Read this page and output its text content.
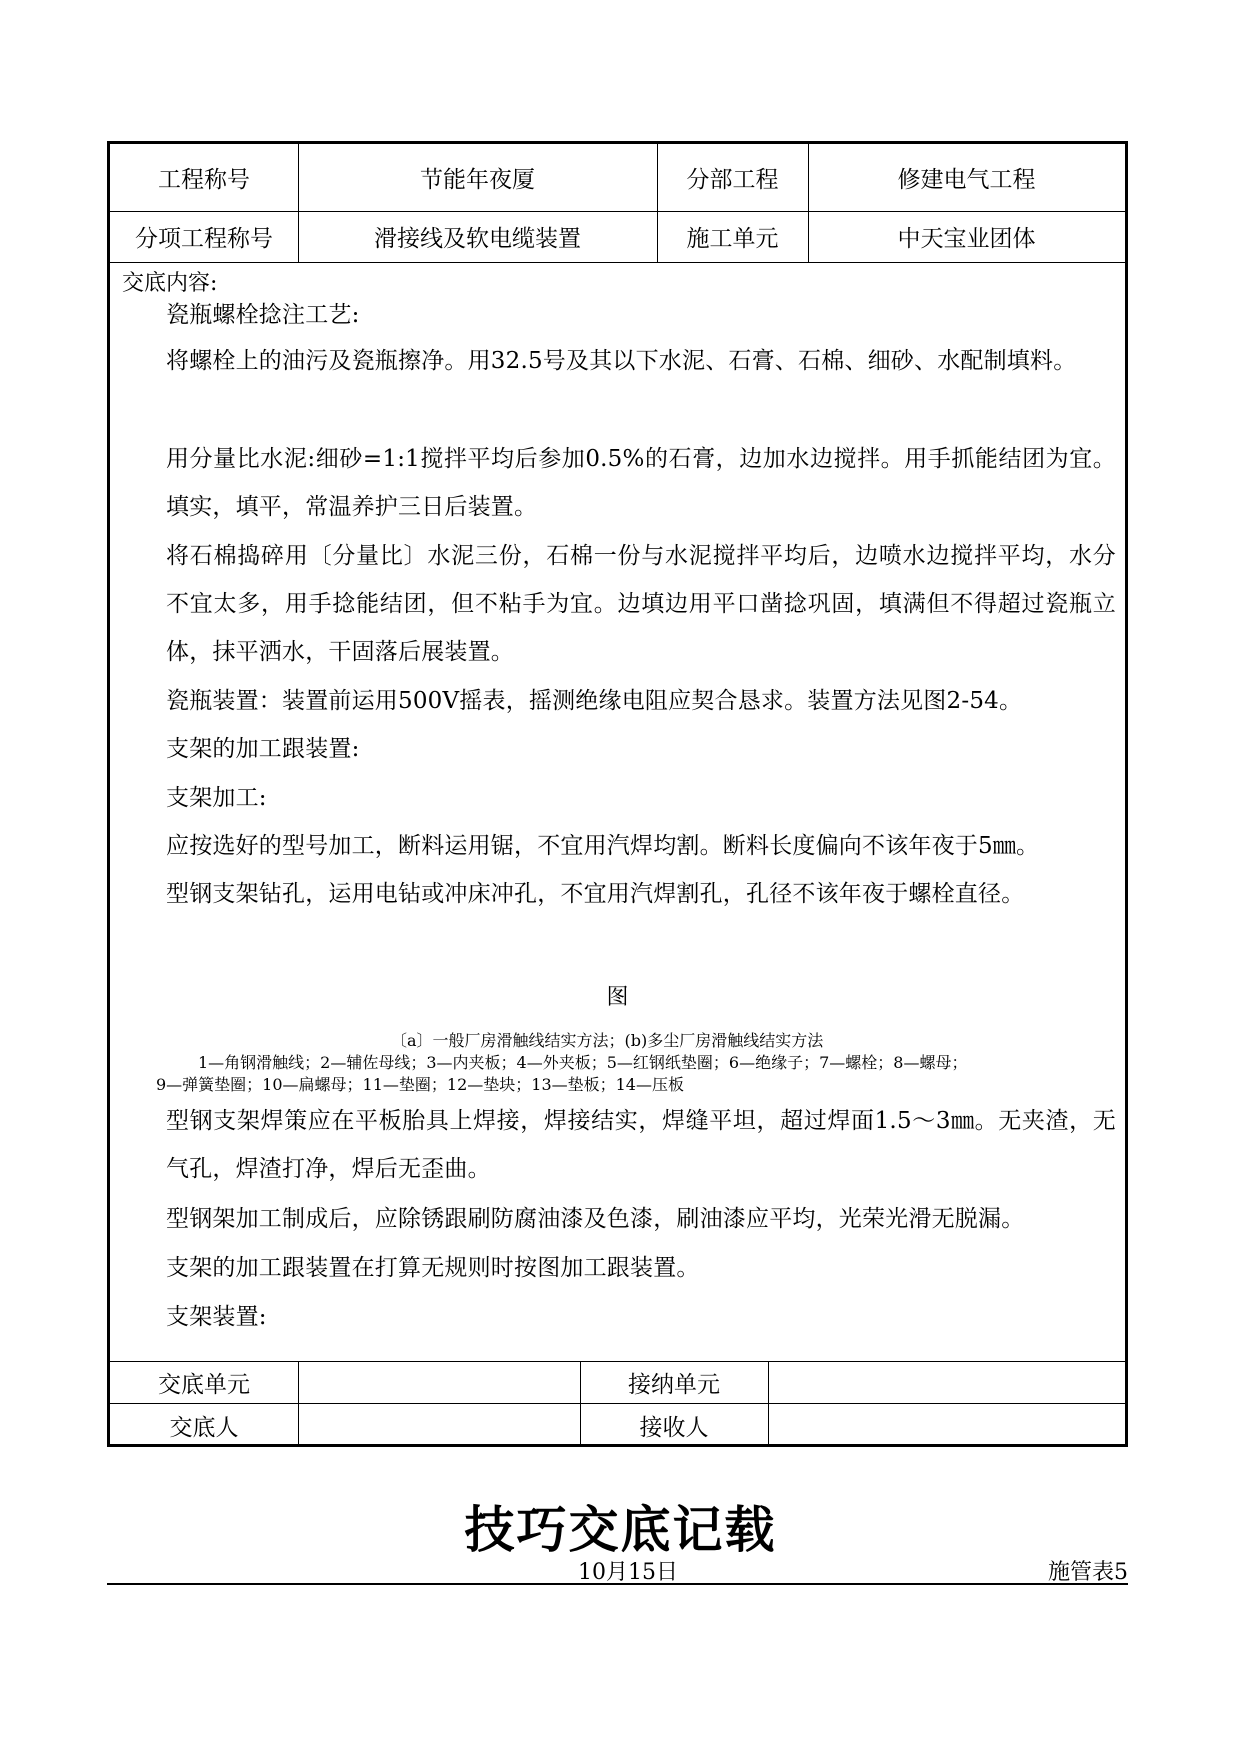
工程称号	节能年夜厦	分部工程	修建电气工程
分项工程称号	滑接线及软电缆装置	施工单元	中天宝业团体
交底内容:

瓷瓶螺栓捻注工艺:

将螺栓上的油污及瓷瓶擦净。用32.5号及其以下水泥、石膏、石棉、细砂、水配制填料。

用分量比水泥:细砂=1:1搅拌平均后参加0.5%的石膏，边加水边搅拌。用手抓能结团为宜。填实，填平，常温养护三日后装置。

将石棉捣碎用〔分量比〕水泥三份，石棉一份与水泥搅拌平均后，边喷水边搅拌平均，水分不宜太多，用手捻能结团，但不粘手为宜。边填边用平口凿捻巩固，填满但不得超过瓷瓶立体，抹平洒水，干固落后展装置。

瓷瓶装置：装置前运用500V摇表，摇测绝缘电阻应契合恳求。装置方法见图2-54。

支架的加工跟装置:

支架加工:

应按选好的型号加工，断料运用锯，不宜用汽焊均割。断料长度偏向不该年夜于5㎜。

型钢支架钻孔，运用电钻或冲床冲孔，不宜用汽焊割孔，孔径不该年夜于螺栓直径。

图
〔a〕一般厂房滑触线结实方法；(b)多尘厂房滑触线结实方法
1—角钢滑触线；2—辅佐母线；3—内夹板；4—外夹板；5—红钢纸垫圈；6—绝缘子；7—螺栓；8—螺母；
9—弹簧垫圈；10—扁螺母；11—垫圈；12—垫块；13—垫板；14—压板

型钢支架焊策应在平板胎具上焊接，焊接结实，焊缝平坦，超过焊面1.5～3㎜。无夹渣，无气孔，焊渣打净，焊后无歪曲。

型钢架加工制成后，应除锈跟刷防腐油漆及色漆，刷油漆应平均，光荣光滑无脱漏。

支架的加工跟装置在打算无规则时按图加工跟装置。

支架装置:

交底单元	接纳单元
交底人	接收人
技巧交底记载
10月15日	施管表5
